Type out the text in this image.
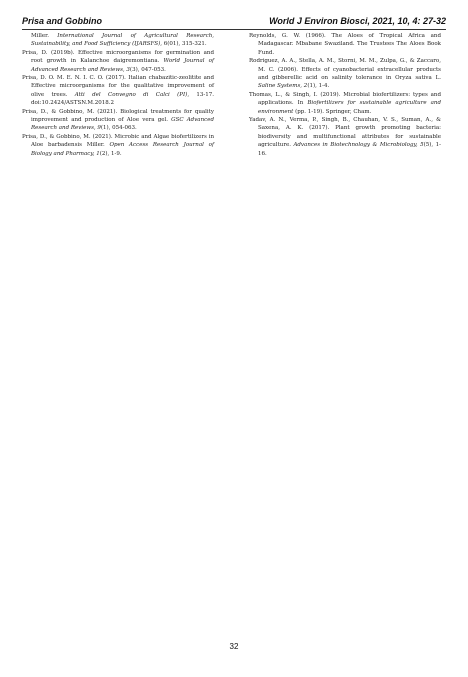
Prisa and Gobbino	World J Environ Biosci, 2021, 10, 4: 27-32

Miller. International Journal of Agricultural Research, Sustainability, and Food Sufficiency (IJARSFS), 6(01), 315-321.

Prisa, D. (2019b). Effective microorganisms for germination and root growth in Kalanchoe daigremontiana. World Journal of Advanced Research and Reviews, 3(3), 047-053.

Prisa, D. O. M. E. N. I. C. O. (2017). Italian chabazitic-zeolitite and Effective microorganisms for the qualitative improvement of olive trees. Atti del Convegno di Calci (PI), 13-17. doi:10.2424/ASTSN.M.2018.2

Prisa, D., & Gobbino, M. (2021). Biological treatments for quality improvement and production of Aloe vera gel. GSC Advanced Research and Reviews, 9(1), 054-063.

Prisa, D., & Gobbino, M. (2021). Microbic and Algae biofertilizers in Aloe barbadensis Miller. Open Access Research Journal of Biology and Pharmacy, 1(2), 1-9.

Reynolds, G. W. (1966). The Aloes of Tropical Africa and Madagascar. Mbabane Swaziland. The Trustees The Aloes Book Fund.

Rodriguez, A. A., Stella, A. M., Storni, M. M., Zulpa, G., & Zaccaro, M. C. (2006). Effects of cyanobacterial extracellular products and gibberellic acid on salinity tolerance in Oryza sativa L. Saline Systems, 2(1), 1-4.

Thomas, L., & Singh, I. (2019). Microbial biofertilizers: types and applications. In Biofertilizers for sustainable agriculture and environment (pp. 1-19). Springer, Cham.

Yadav, A. N., Verma, P., Singh, B., Chauhan, V. S., Suman, A., & Saxena, A. K. (2017). Plant growth promoting bacteria: biodiversity and multifunctional attributes for sustainable agriculture. Advances in Biotechnology & Microbiology, 5(5), 1-16.

32
